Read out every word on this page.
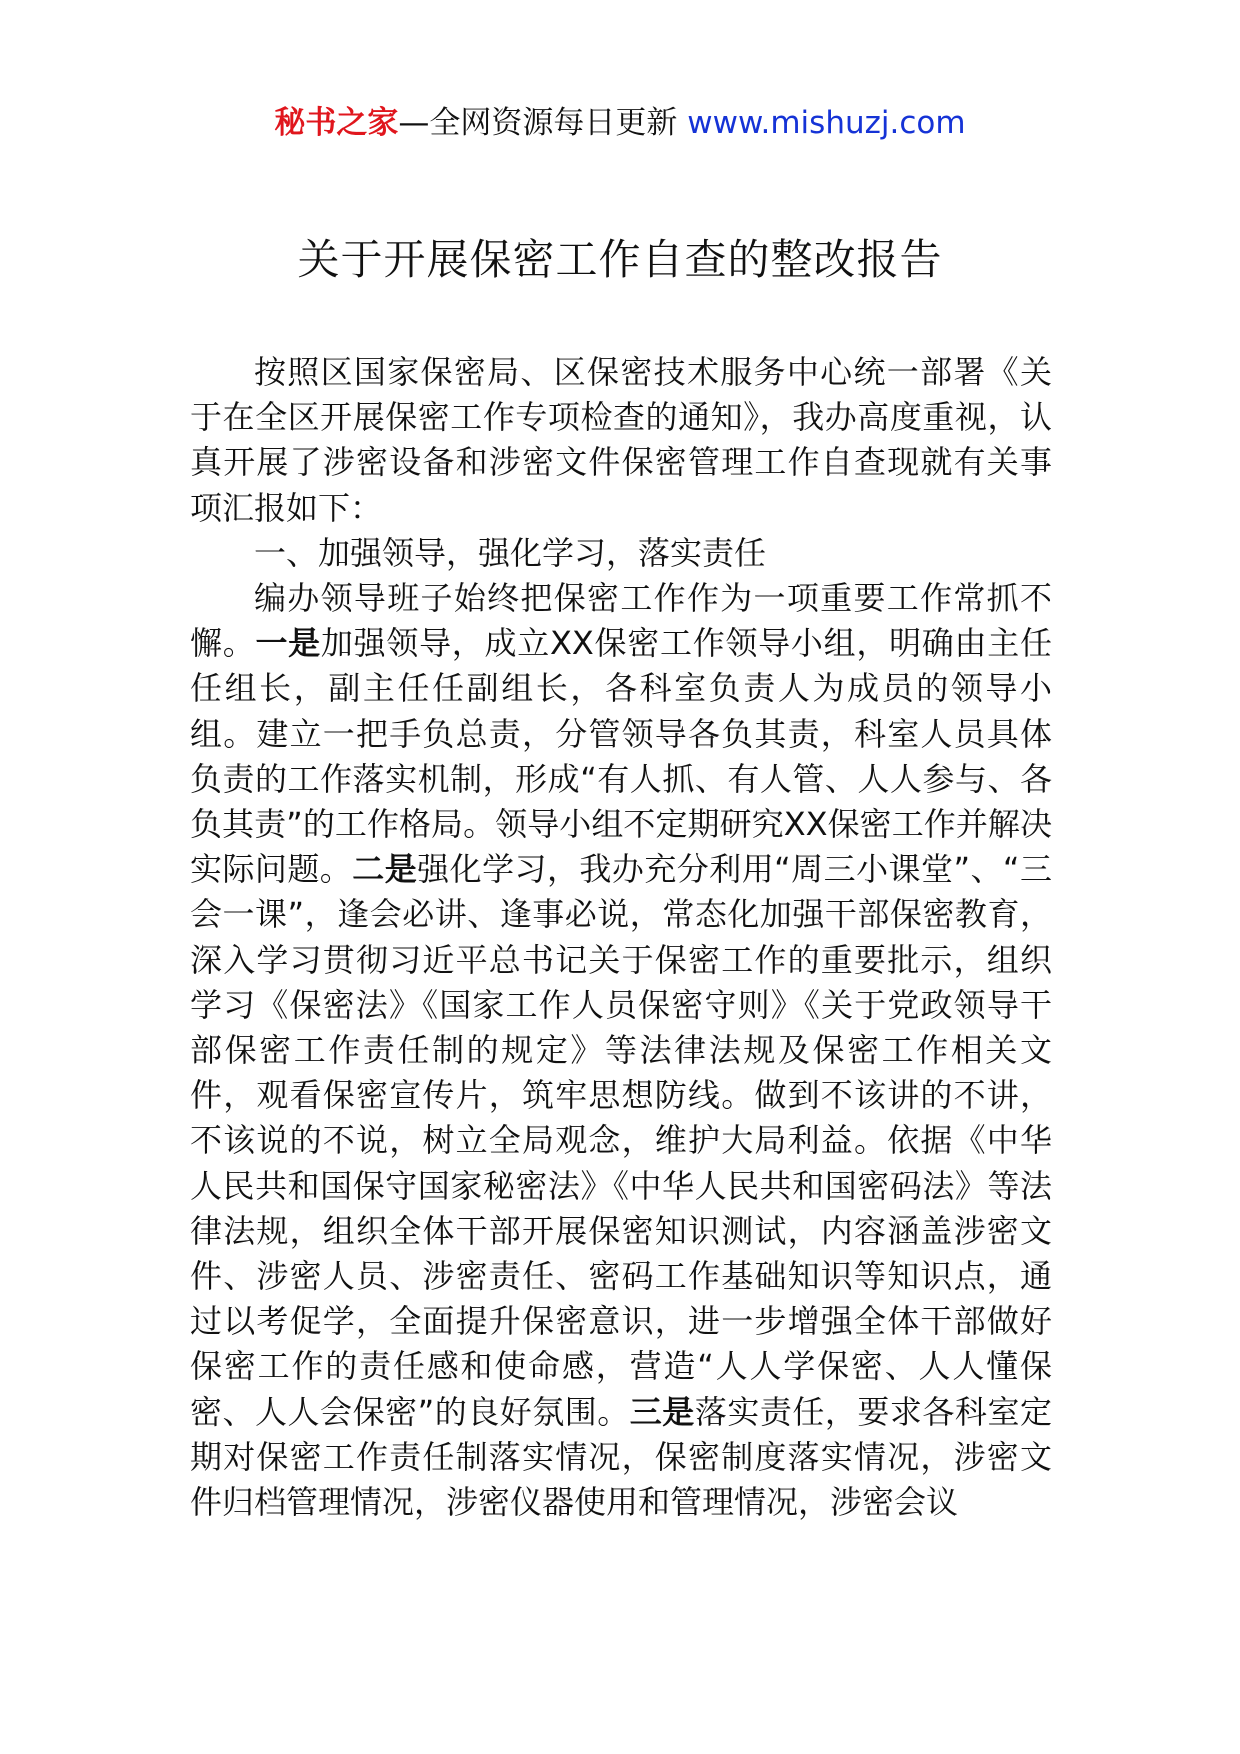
秘书之家—全网资源每日更新 www.mishuzj.com
关于开展保密工作自查的整改报告

按照区国家保密局、区保密技术服务中心统一部署《关于在全区开展保密工作专项检查的通知》，我办高度重视，认真开展了涉密设备和涉密文件保密管理工作自查现就有关事项汇报如下：

一、加强领导，强化学习，落实责任

编办领导班子始终把保密工作作为一项重要工作常抓不懈。一是加强领导，成立XX保密工作领导小组，明确由主任任组长，副主任任副组长，各科室负责人为成员的领导小组。建立一把手负总责，分管领导各负其责，科室人员具体负责的工作落实机制，形成“有人抓、有人管、人人参与、各负其责”的工作格局。领导小组不定期研究XX保密工作并解决实际问题。二是强化学习，我办充分利用“周三小课堂”、“三会一课”，逢会必讲、逢事必说，常态化加强干部保密教育，深入学习贯彻习近平总书记关于保密工作的重要批示，组织学习《保密法》《国家工作人员保密守则》《关于党政领导干部保密工作责任制的规定》等法律法规及保密工作相关文件，观看保密宣传片，筑牢思想防线。做到不该讲的不讲，不该说的不说，树立全局观念，维护大局利益。依据《中华人民共和国保守国家秘密法》《中华人民共和国密码法》等法律法规，组织全体干部开展保密知识测试，内容涵盖涉密文件、涉密人员、涉密责任、密码工作基础知识等知识点，通过以考促学，全面提升保密意识，进一步增强全体干部做好保密工作的责任感和使命感，营造“人人学保密、人人懂保密、人人会保密”的良好氛围。三是落实责任，要求各科室定期对保密工作责任制落实情况，保密制度落实情况，涉密文件归档管理情况，涉密仪器使用和管理情况，涉密会议
